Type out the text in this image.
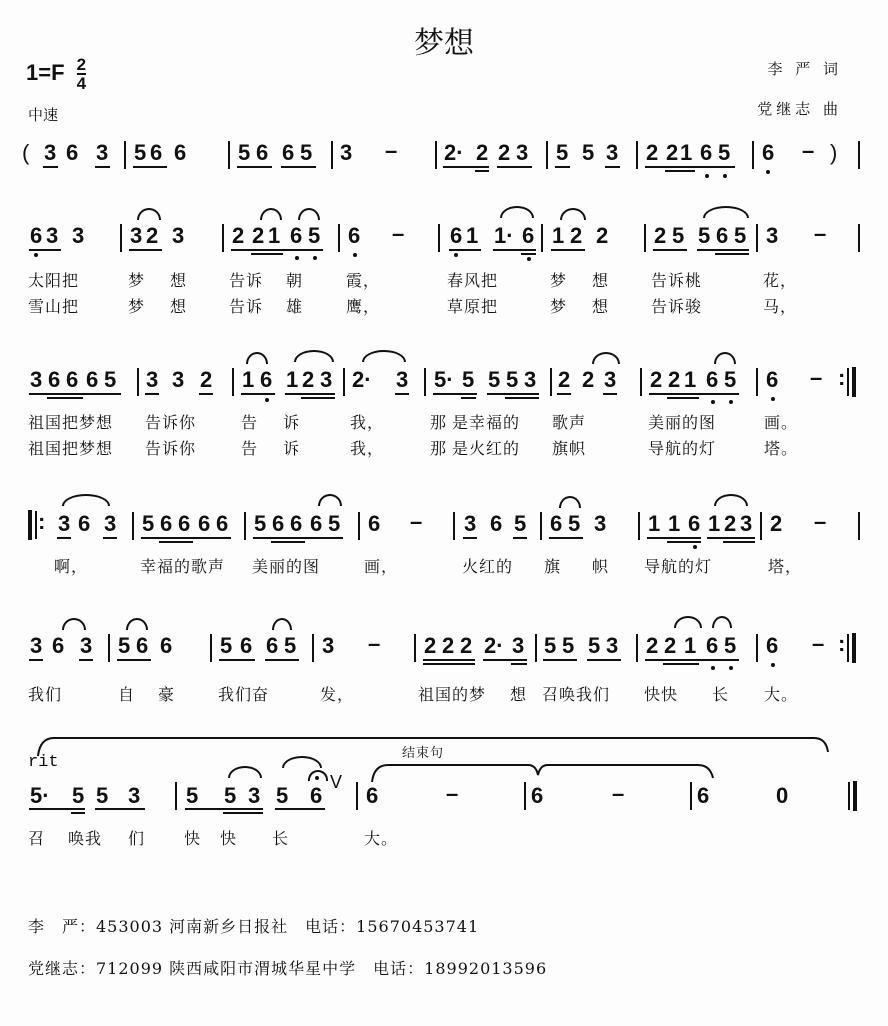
梦想
$1=F \frac{2}{4}$
中速
李 严 词
党继志 曲
( 3 6 3 5 6 6 5 6 6 5 3 – 2· 2 2 3 5 5 3 2 2 1 6 5 6 – )
6 3 3 3 2 3 2 2 1 6 5 6 – 6 1 1· 6 1 2 2 2 5 5 6 5 3 –
太阳把	梦 想	告诉 朝	霞，	春风把	梦 想	告诉桃	花，
雪山把	梦 想	告诉 雄	鹰，	草原把	梦 想	告诉骏	马，
3 6 6 6 5 3 3 2 1 6 1 2 3 2· 3 5· 5 5 5 3 2 2 3 2 2 1 6 5 6 – :
祖国把梦想 告诉你	告 诉	我，	那 是幸福的 歌声	美丽的图	画。
祖国把梦想 告诉你	告 诉	我，	那 是火红的 旗帜	导航的灯	塔。
: 3 6 3 5 6 6 6 6 5 6 6 6 5 6 – 3 6 5 6 5 3 1 1 6 1 2 3 2 –
啊，	幸福的歌声 美丽的图	画，	火红的 旗 帜 导航的灯	塔，
3 6 3 5 6 6 5 6 6 5 3 – 2 2 2 2· 3 5 5 5 3 2 2 1 6 5 6 – :
我们	自 豪	我们奋	发，	祖国的梦 想 召唤我们 快快 长 大。
rit	结束句
5· 5 5 3 5 5 3 5 6
V
6	–	6	–	6	0
召 唤我 们 快 快 长	大。
李　严：453003 河南新乡日报社　电话：15670453741
党继志：712099 陕西咸阳市渭城华星中学　电话：18992013596
